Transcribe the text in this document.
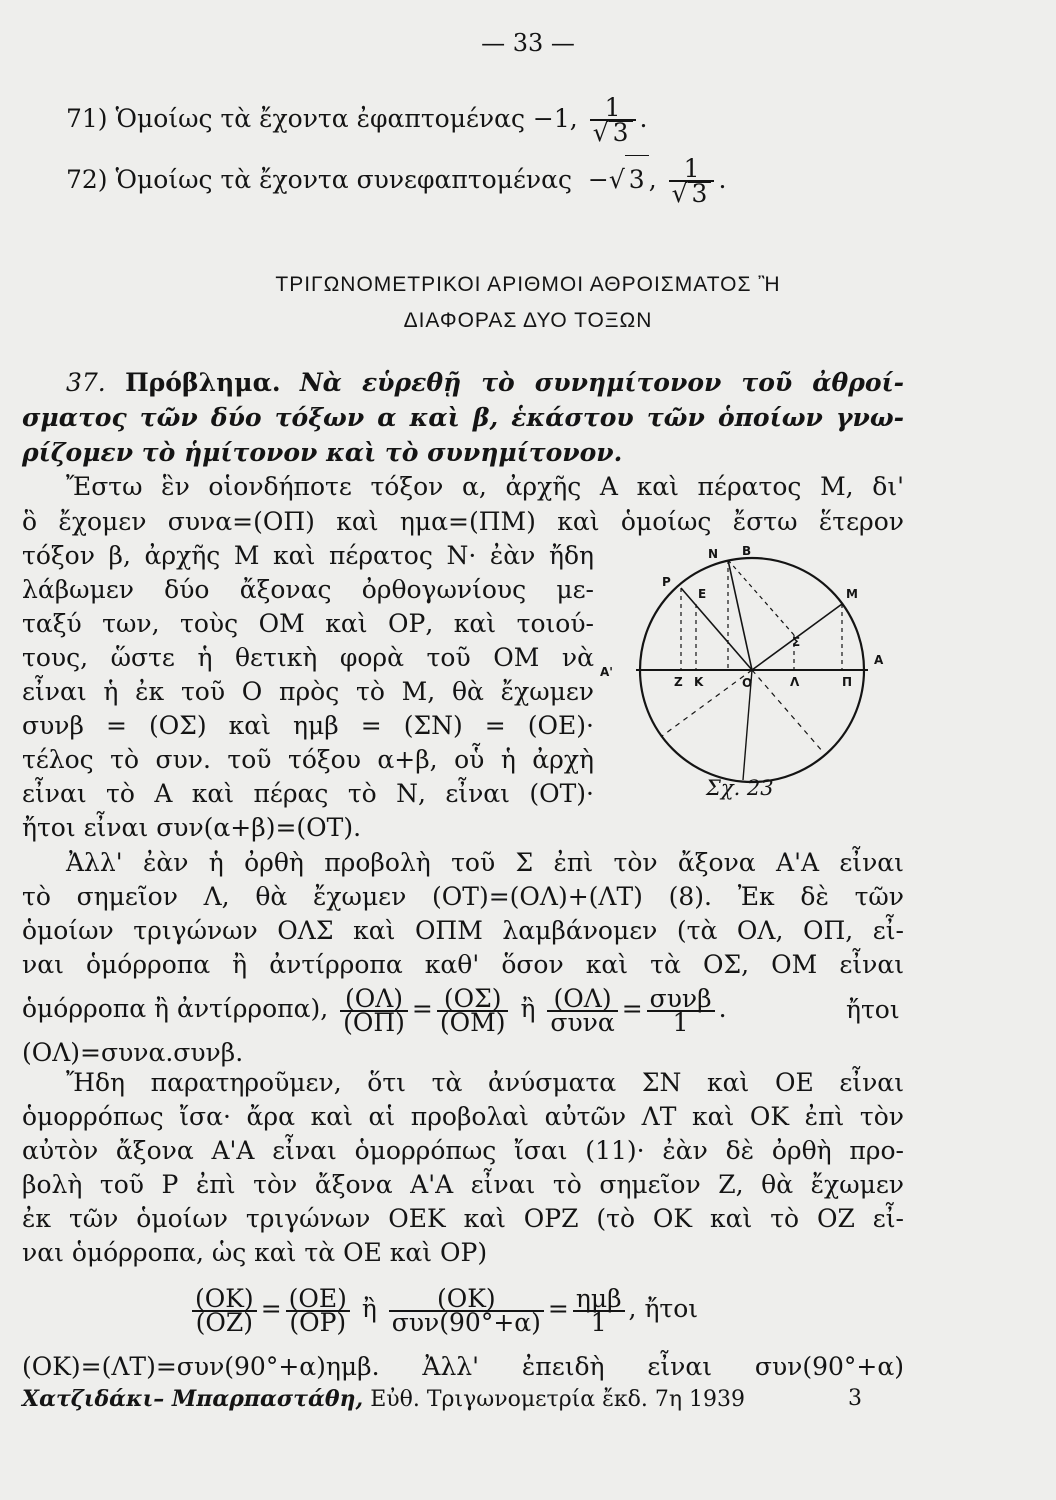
— 33 —
71) Ὁμοίως τὰ ἔχοντα ἐφαπτομένας −1, $\frac{1}{√ 3}$ .
72) Ὁμοίως τὰ ἔχοντα συνεφαπτομένας −√ 3 , $\frac{1}{√ 3}$ .
ΤΡΙΓΩΝΟΜΕΤΡΙΚΟΙ ΑΡΙΘΜΟΙ ΑΘΡΟΙΣΜΑΤΟΣ Ἢ
ΔΙΑΦΟΡΑΣ ΔΥΟ ΤΟΞΩΝ
37. Πρόβλημα. Νὰ εὑρεθῇ τὸ συνημίτονον τοῦ ἀθροί-
σματος τῶν δύο τόξων α καὶ β, ἑκάστου τῶν ὁποίων γνω-
ρίζομεν τὸ ἡμίτονον καὶ τὸ συνημίτονον.
Ἔστω ἓν οἱονδήποτε τόξον α, ἀρχῆς Α καὶ πέρατος Μ, δι'
ὃ ἔχομεν συνα=(ΟΠ) καὶ ημα=(ΠΜ) καὶ ὁμοίως ἔστω ἕτερον
τόξον β, ἀρχῆς Μ καὶ πέρατος Ν· ἐὰν ἤδη
λάβωμεν δύο ἄξονας ὀρθογωνίους με-
ταξύ των, τοὺς ΟΜ καὶ ΟΡ, καὶ τοιού-
τους, ὥστε ἡ θετικὴ φορὰ τοῦ ΟΜ νὰ
εἶναι ἡ ἐκ τοῦ Ο πρὸς τὸ Μ, θὰ ἔχωμεν
συνβ = (ΟΣ) καὶ ημβ = (ΣΝ) = (ΟΕ)·
τέλος τὸ συν. τοῦ τόξου α+β, οὗ ἡ ἀρχὴ
εἶναι τὸ Α καὶ πέρας τὸ Ν, εἶναι (ΟΤ)·
ἤτοι εἶναι συν(α+β)=(ΟΤ).
N B
P
E	M
Σ
A'
A
Z K	O	Λ	Π
Σχ. 23
Ἀλλ' ἐὰν ἡ ὀρθὴ προβολὴ τοῦ Σ ἐπὶ τὸν ἄξονα Α'Α εἶναι
τὸ σημεῖον Λ, θὰ ἔχωμεν (ΟΤ)=(ΟΛ)+(ΛΤ) (8). Ἐκ δὲ τῶν
ὁμοίων τριγώνων ΟΛΣ καὶ ΟΠΜ λαμβάνομεν (τὰ ΟΛ, ΟΠ, εἶ-
ναι ὁμόρροπα ἢ ἀντίρροπα καθ' ὅσον καὶ τὰ ΟΣ, ΟΜ εἶναι
ὁμόρροπα ἢ ἀντίρροπα), $\frac{(O\Lambda)}{(O\Pi)} = \frac{(O\Sigma)}{(OM)}$ ἢ $\frac{(O\Lambda)}{\text{συνα}} = \frac{\text{συνβ}}{1}$ .	ἤτοι
(ΟΛ)=συνα.συνβ.
Ἤδη παρατηροῦμεν, ὅτι τὰ ἀνύσματα ΣΝ καὶ ΟΕ εἶναι
ὁμορρόπως ἴσα· ἄρα καὶ αἱ προβολαὶ αὐτῶν ΛΤ καὶ ΟΚ ἐπὶ τὸν
αὐτὸν ἄξονα Α'Α εἶναι ὁμορρόπως ἴσαι (11)· ἐὰν δὲ ὀρθὴ προ-
βολὴ τοῦ Ρ ἐπὶ τὸν ἄξονα Α'Α εἶναι τὸ σημεῖον Ζ, θὰ ἔχωμεν
ἐκ τῶν ὁμοίων τριγώνων ΟΕΚ καὶ ΟΡΖ (τὸ ΟΚ καὶ τὸ ΟΖ εἶ-
ναι ὁμόρροπα, ὡς καὶ τὰ ΟΕ καὶ ΟΡ)
$\frac{(OK)}{(OZ)} = \frac{(OE)}{(OP)}$ ἢ $\frac{(OK)}{\text{συν(90°+α)}} = \frac{\text{ημβ}}{1}$ , ἤτοι
(ΟΚ)=(ΛΤ)=συν(90°+α)ημβ. Ἀλλ' ἐπειδὴ εἶναι συν(90°+α)
Χατζιδάκι– Μπαρπαστάθη, Εὐθ. Τριγωνομετρία ἔκδ. 7η 1939	3
